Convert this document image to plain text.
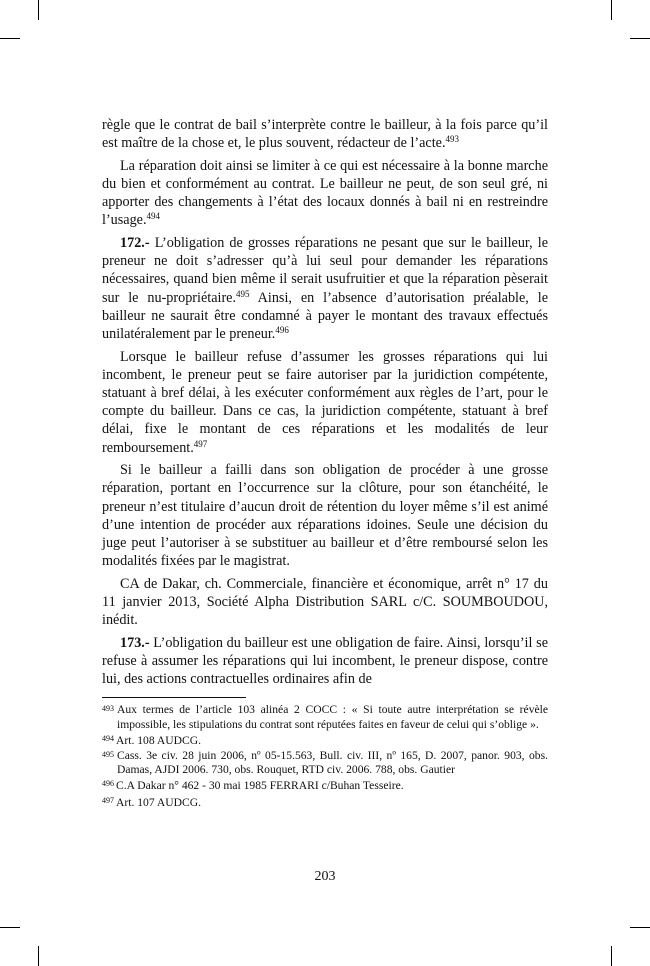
règle que le contrat de bail s’interprète contre le bailleur, à la fois parce qu’il est maître de la chose et, le plus souvent, rédacteur de l’acte.$^{493}$

La réparation doit ainsi se limiter à ce qui est nécessaire à la bonne marche du bien et conformément au contrat. Le bailleur ne peut, de son seul gré, ni apporter des changements à l’état des locaux donnés à bail ni en restreindre l’usage.$^{494}$

172.- L’obligation de grosses réparations ne pesant que sur le bailleur, le preneur ne doit s’adresser qu’à lui seul pour demander les réparations nécessaires, quand bien même il serait usufruitier et que la réparation pèserait sur le nu-propriétaire.$^{495}$ Ainsi, en l’absence d’autorisation préalable, le bailleur ne saurait être condamné à payer le montant des travaux effectués unilatéralement par le preneur.$^{496}$

Lorsque le bailleur refuse d’assumer les grosses réparations qui lui incombent, le preneur peut se faire autoriser par la juridiction compétente, statuant à bref délai, à les exécuter conformément aux règles de l’art, pour le compte du bailleur. Dans ce cas, la juridiction compétente, statuant à bref délai, fixe le montant de ces réparations et les modalités de leur remboursement.$^{497}$

Si le bailleur a failli dans son obligation de procéder à une grosse réparation, portant en l’occurrence sur la clôture, pour son étanchéité, le preneur n’est titulaire d’aucun droit de rétention du loyer même s’il est animé d’une intention de procéder aux réparations idoines. Seule une décision du juge peut l’autoriser à se substituer au bailleur et d’être remboursé selon les modalités fixées par le magistrat.

CA de Dakar, ch. Commerciale, financière et économique, arrêt n° 17 du 11 janvier 2013, Société Alpha Distribution SARL c/C. SOUMBOUDOU, inédit.

173.- L’obligation du bailleur est une obligation de faire. Ainsi, lorsqu’il se refuse à assumer les réparations qui lui incombent, le preneur dispose, contre lui, des actions contractuelles ordinaires afin de

493 Aux termes de l’article 103 alinéa 2 COCC : « Si toute autre interprétation se révèle impossible, les stipulations du contrat sont réputées faites en faveur de celui qui s’oblige ».

$^{494}$ Art. 108 AUDCG.

495 Cass. 3e civ. 28 juin 2006, nº 05-15.563, Bull. civ. III, nº 165, D. 2007, panor. 903, obs. Damas, AJDI 2006. 730, obs. Rouquet, RTD civ. 2006. 788, obs. Gautier

$^{496}$ C.A Dakar n° 462 - 30 mai 1985 FERRARI c/Buhan Tesseire.

$^{497}$ Art. 107 AUDCG.

203
